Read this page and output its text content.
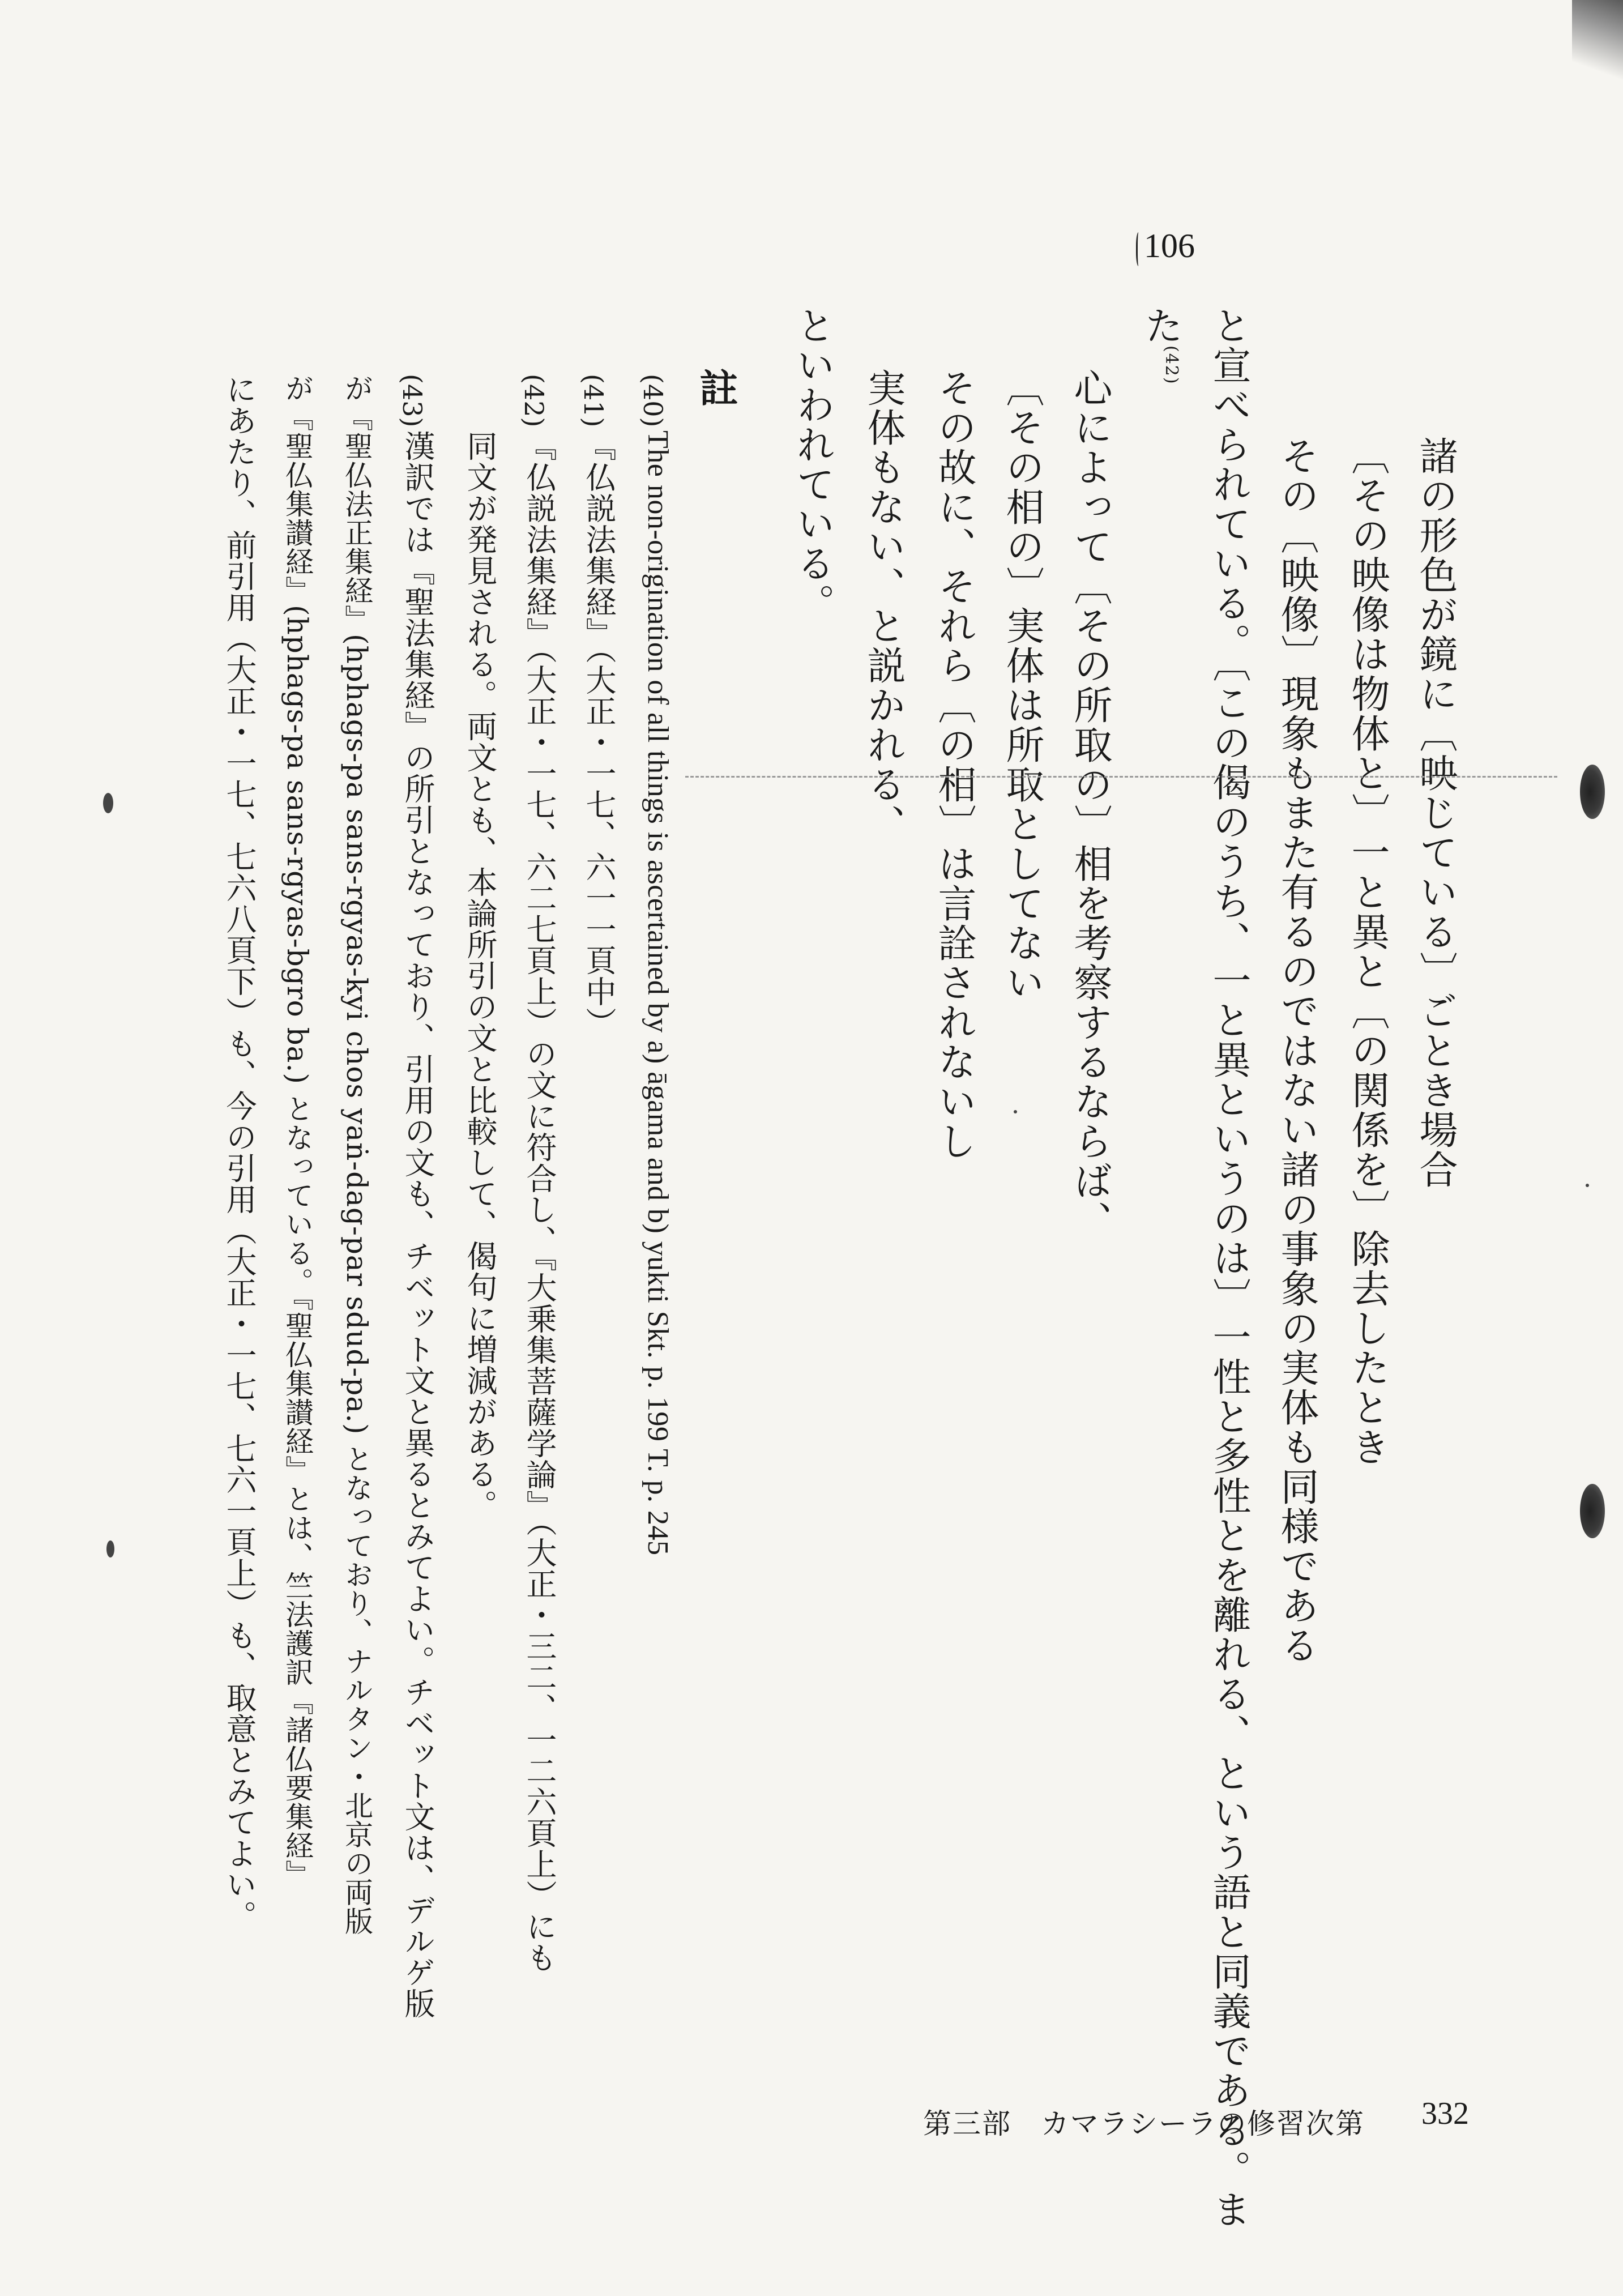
106
諸の形色が鏡に〔映じている〕ごとき場合
〔その映像は物体と〕一と異と〔の関係を〕除去したとき
その〔映像〕現象もまた有るのではない諸の事象の実体も同様である
と宣べられている。〔この偈のうち、一と異というのは〕一性と多性とを離れる、という語と同義である。ま
た$^{(42)}$
心によって〔その所取の〕相を考察するならば、
〔その相の〕実体は所取としてない
その故に、それら〔の相〕は言詮されないし
実体もない、と説かれる、
といわれている。
註
(40)
(41)
(42)
(43)
The non-origination of all things is ascertained by a) āgama and b) yukti Skt. p. 199 T. p. 245
『仏説法集経』（大正・一七、六一一頁中）
『仏説法集経』（大正・一七、六二七頁上）の文に符合し、『大乗集菩薩学論』（大正・三二、一二六頁上）にも
同文が発見される。両文とも、本論所引の文と比較して、偈句に増減がある。
漢訳では『聖法集経』の所引となっており、引用の文も、チベット文と異るとみてよい。チベット文は、デルゲ版
が『聖仏法正集経』(hphags-pa sans-rgyas-kyi chos yaṅ-dag-par sdud-pa.) となっており、ナルタン・北京の両版
が『聖仏集讃経』(hphags-pa sans-rgyas-bgro ba.) となっている。『聖仏集讃経』とは、竺法護訳『諸仏要集経』
にあたり、前引用（大正・一七、七六八頁下）も、今の引用（大正・一七、七六一頁上）も、取意とみてよい。
第三部　カマラシーラの修習次第 332
